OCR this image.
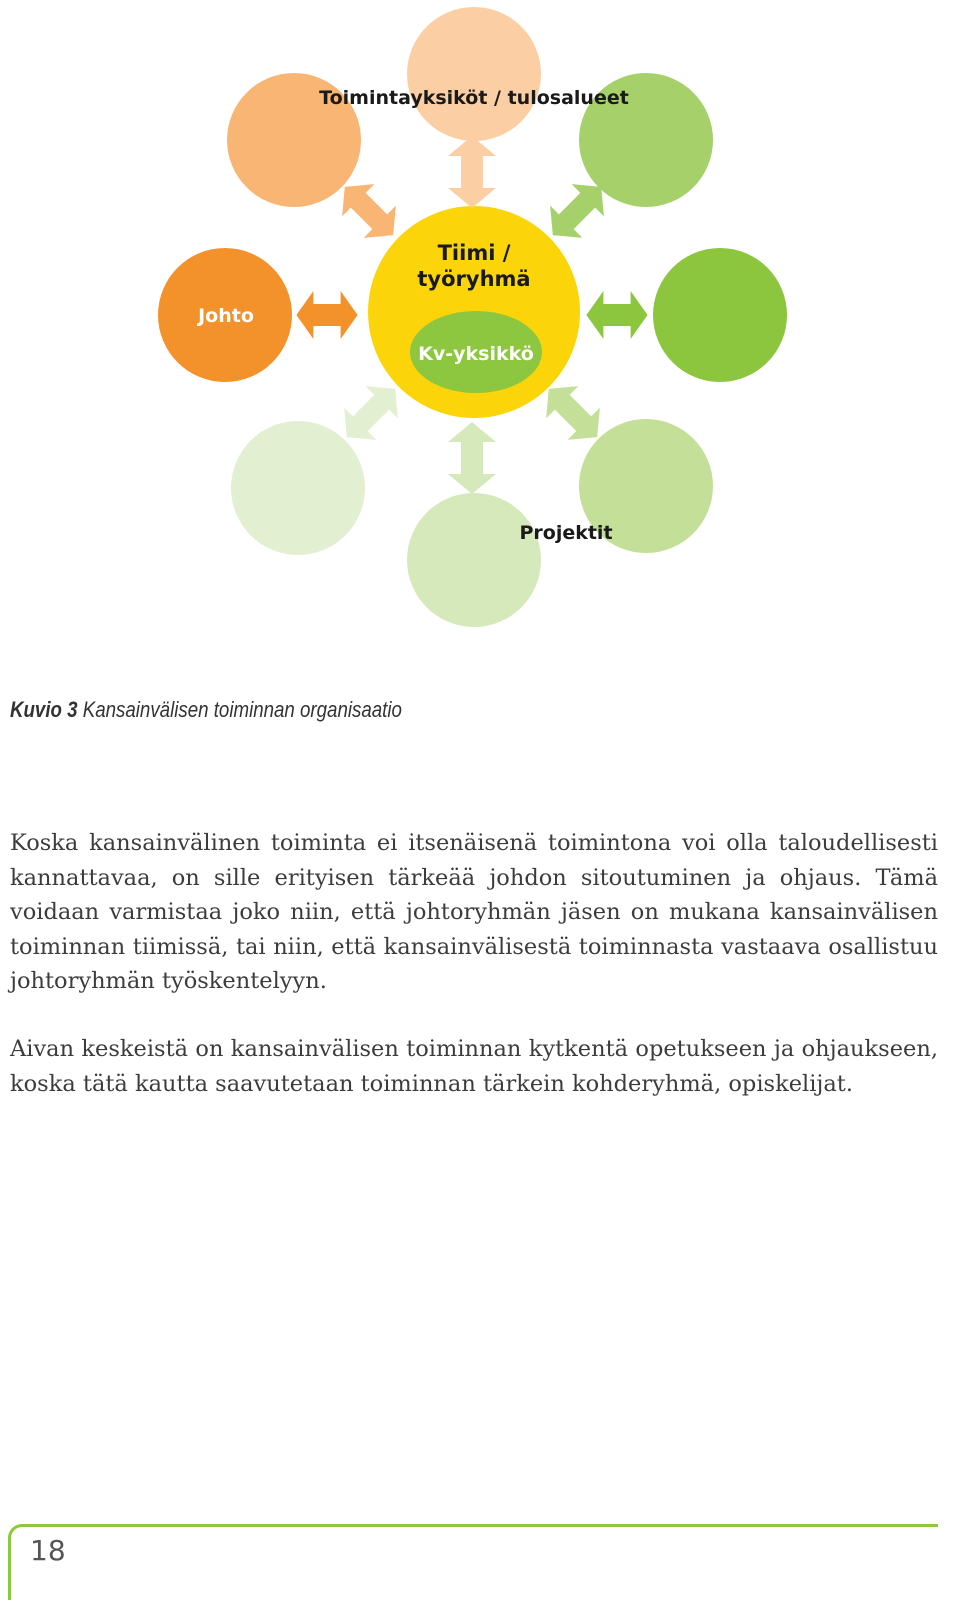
Toimintayksiköt / tulosalueet
Johto
Projektit
Tiimi / työryhmä
Kv-yksikkö
Kuvio 3 Kansainvälisen toiminnan organisaatio

Koska kansainvälinen toiminta ei itsenäisenä toimintona voi olla taloudellisesti kannattavaa, on sille erityisen tärkeää johdon sitoutuminen ja ohjaus. Tämä voidaan varmistaa joko niin, että johtoryhmän jäsen on mukana kansainvälisen toiminnan tiimissä, tai niin, että kansainvälisestä toiminnasta vastaava osallistuu johtoryhmän työskentelyyn.

Aivan keskeistä on kansainvälisen toiminnan kytkentä opetukseen ja ohjaukseen, koska tätä kautta saavutetaan toiminnan tärkein kohderyhmä, opiskelijat.

18
